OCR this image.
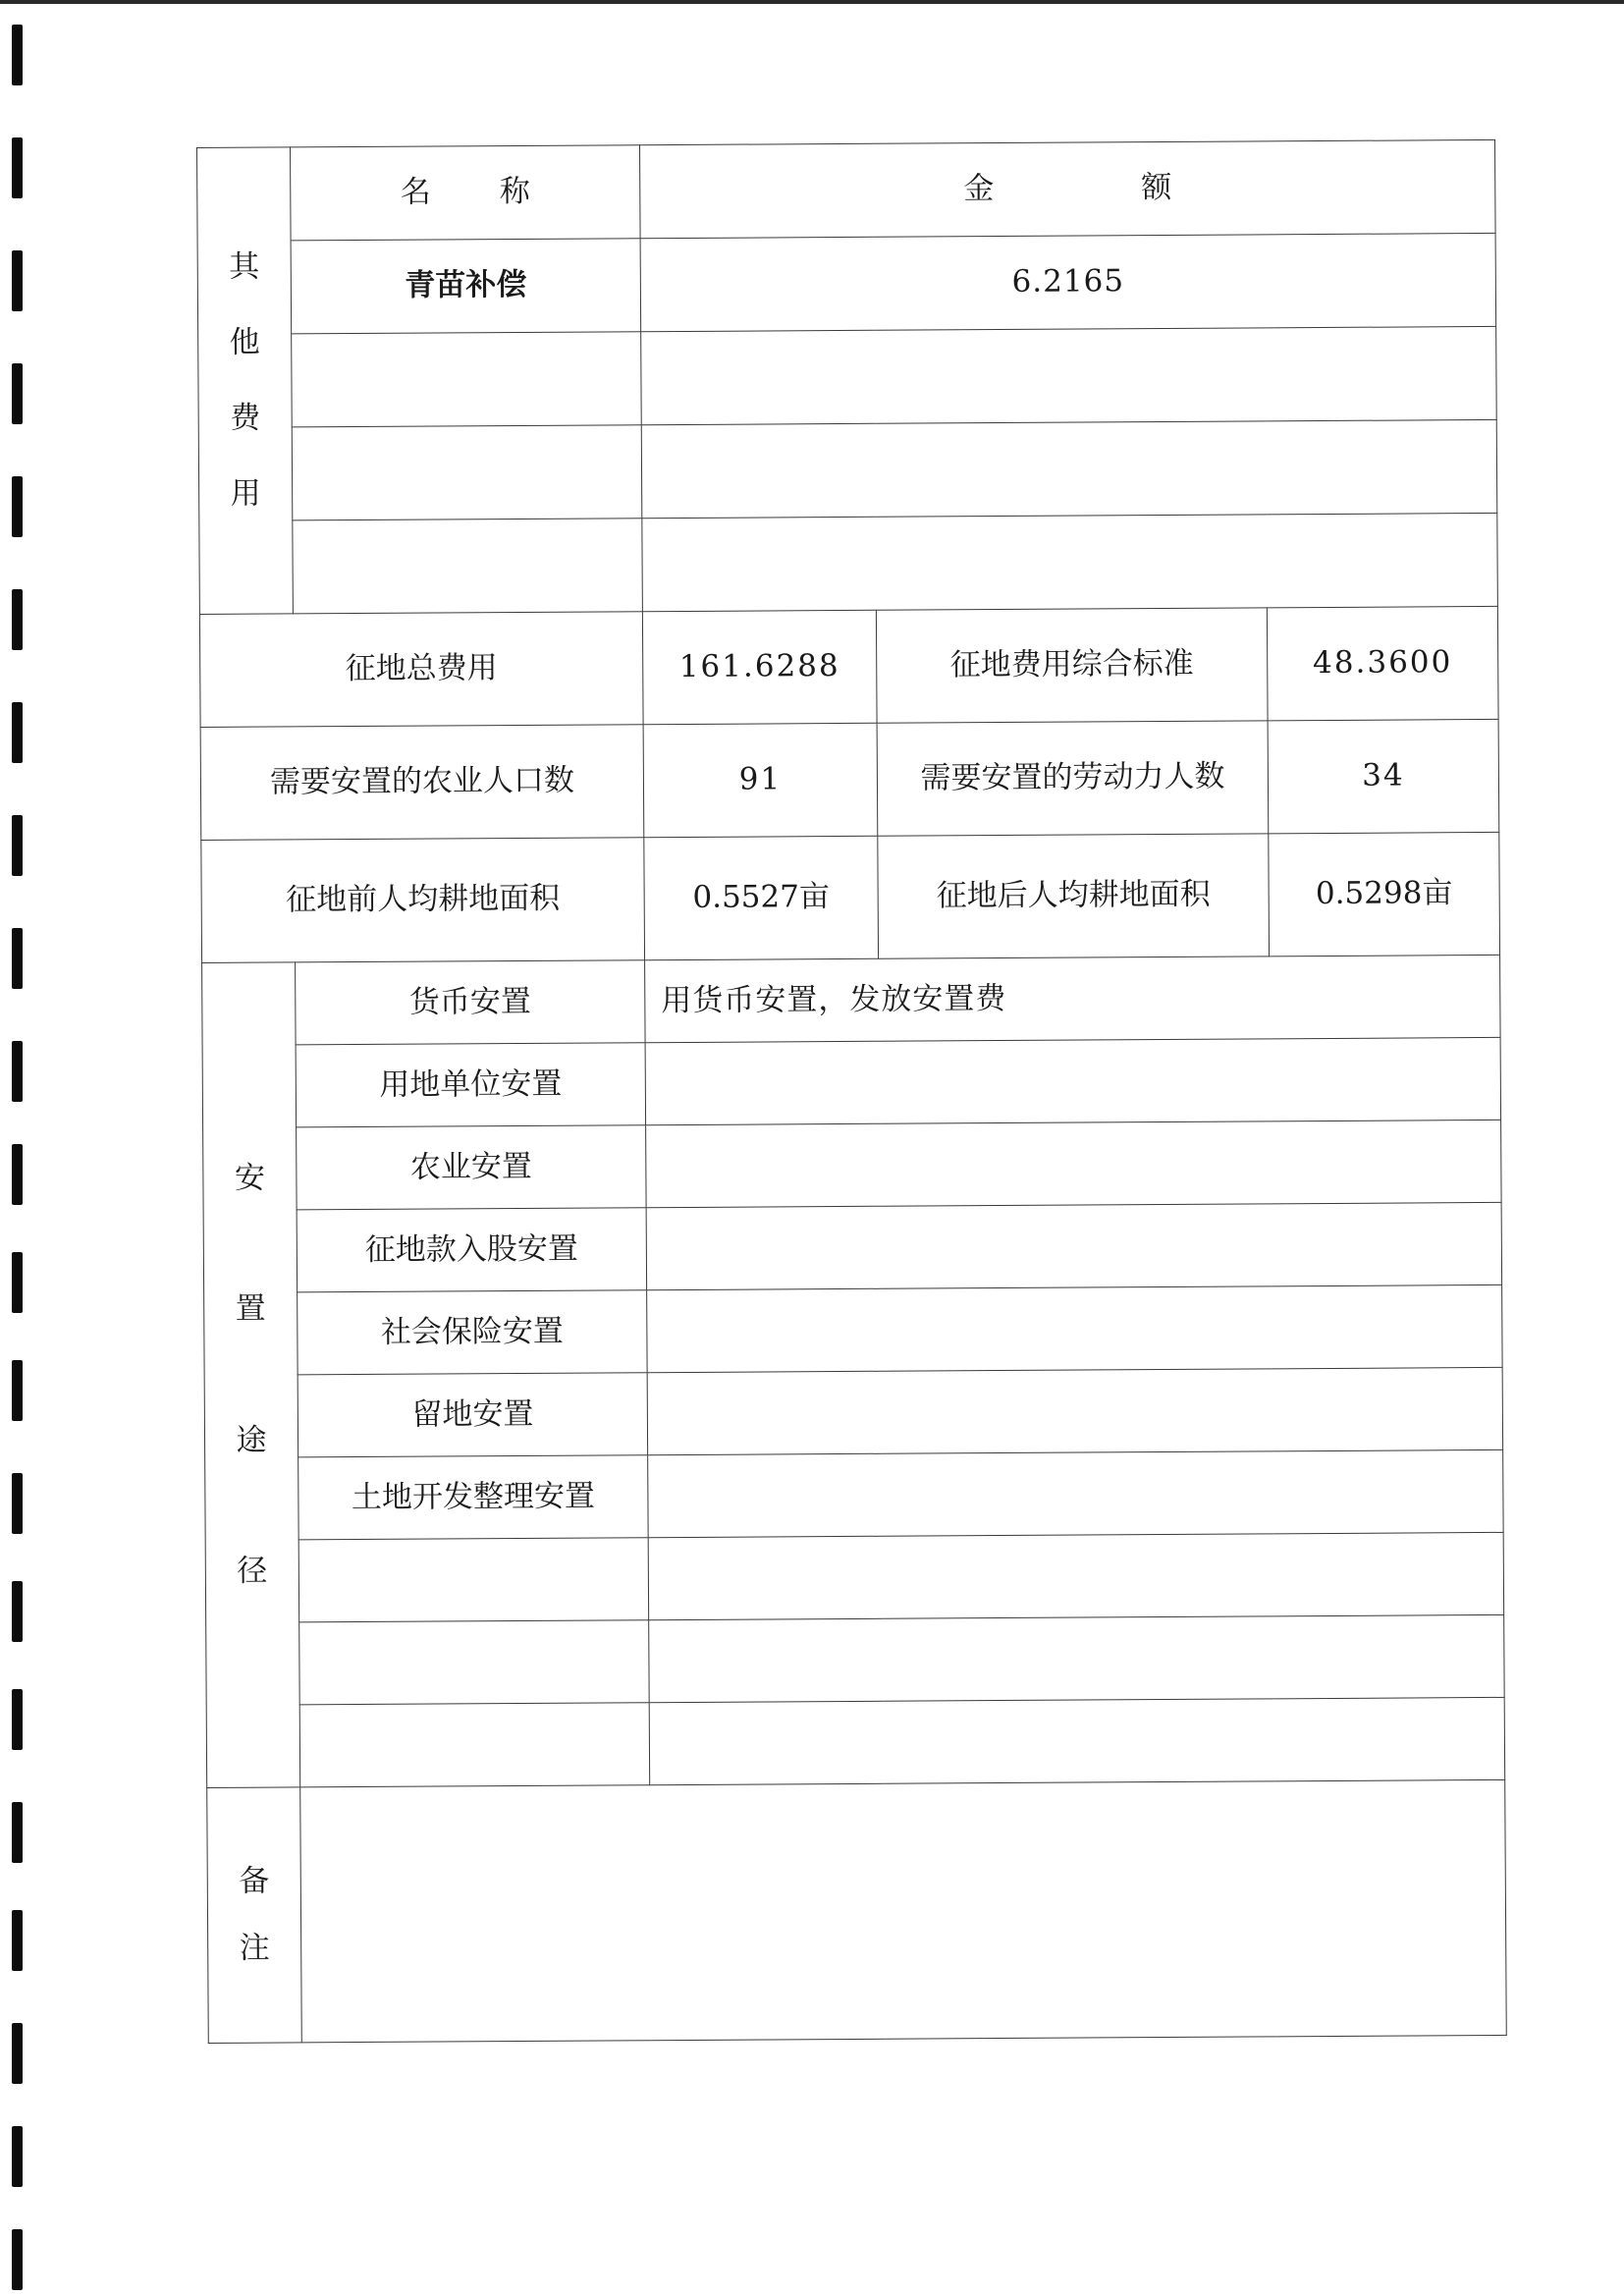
其
他
费
用	名 称	金 额		
	青苗补偿	6.2165		

征地总费用		161.6288	征地费用综合标准	48.3600
需要安置的农业人口数		91	需要安置的劳动力人数	34
征地前人均耕地面积		0.5527亩	征地后人均耕地面积	0.5298亩

安
置
途
径	货币安置	用货币安置，发放安置费		
	用地单位安置			
	农业安置			
	征地款入股安置			
	社会保险安置			
	留地安置			
	土地开发整理安置			

备
注				
